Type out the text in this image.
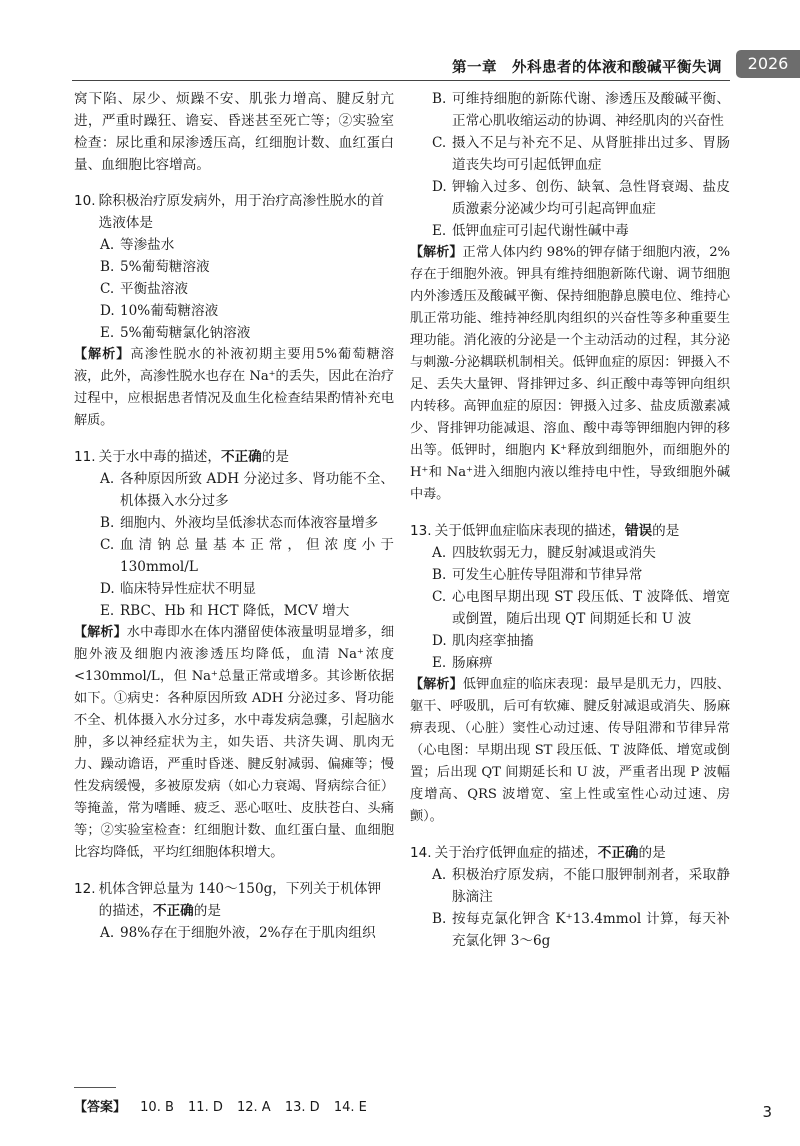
第一章　外科患者的体液和酸碱平衡失调	2026

窝下陷、尿少、烦躁不安、肌张力增高、腱反射亢进，严重时躁狂、谵妄、昏迷甚至死亡等；②实验室检查：尿比重和尿渗透压高，红细胞计数、血红蛋白量、血细胞比容增高。

10. 除积极治疗原发病外，用于治疗高渗性脱水的首选液体是
A. 等渗盐水
B. 5%葡萄糖溶液
C. 平衡盐溶液
D. 10%葡萄糖溶液
E. 5%葡萄糖氯化钠溶液

【解析】高渗性脱水的补液初期主要用5%葡萄糖溶液，此外，高渗性脱水也存在 Na⁺的丢失，因此在治疗过程中，应根据患者情况及血生化检查结果酌情补充电解质。

11. 关于水中毒的描述，不正确的是
A. 各种原因所致 ADH 分泌过多、肾功能不全、机体摄入水分过多
B. 细胞内、外液均呈低渗状态而体液容量增多
C. 血清钠总量基本正常，但浓度小于130mmol/L
D. 临床特异性症状不明显
E. RBC、Hb 和 HCT 降低，MCV 增大

【解析】水中毒即水在体内潴留使体液量明显增多，细胞外液及细胞内液渗透压均降低，血清 Na⁺浓度<130mmol/L，但 Na⁺总量正常或增多。其诊断依据如下。①病史：各种原因所致 ADH 分泌过多、肾功能不全、机体摄入水分过多，水中毒发病急骤，引起脑水肿，多以神经症状为主，如失语、共济失调、肌肉无力、躁动谵语，严重时昏迷、腱反射减弱、偏瘫等；慢性发病缓慢，多被原发病（如心力衰竭、肾病综合征）等掩盖，常为嗜睡、疲乏、恶心呕吐、皮肤苍白、头痛等；②实验室检查：红细胞计数、血红蛋白量、血细胞比容均降低，平均红细胞体积增大。

12. 机体含钾总量为 140～150g，下列关于机体钾的描述，不正确的是
A. 98%存在于细胞外液，2%存在于肌肉组织
B. 可维持细胞的新陈代谢、渗透压及酸碱平衡、正常心肌收缩运动的协调、神经肌肉的兴奋性
C. 摄入不足与补充不足、从肾脏排出过多、胃肠道丧失均可引起低钾血症
D. 钾输入过多、创伤、缺氧、急性肾衰竭、盐皮质激素分泌减少均可引起高钾血症
E. 低钾血症可引起代谢性碱中毒

【解析】正常人体内约 98%的钾存储于细胞内液，2%存在于细胞外液。钾具有维持细胞新陈代谢、调节细胞内外渗透压及酸碱平衡、保持细胞静息膜电位、维持心肌正常功能、维持神经肌肉组织的兴奋性等多种重要生理功能。消化液的分泌是一个主动活动的过程，其分泌与刺激-分泌耦联机制相关。低钾血症的原因：钾摄入不足、丢失大量钾、肾排钾过多、纠正酸中毒等钾向组织内转移。高钾血症的原因：钾摄入过多、盐皮质激素减少、肾排钾功能减退、溶血、酸中毒等钾细胞内钾的移出等。低钾时，细胞内 K⁺释放到细胞外，而细胞外的 H⁺和 Na⁺进入细胞内液以维持电中性，导致细胞外碱中毒。

13. 关于低钾血症临床表现的描述，错误的是
A. 四肢软弱无力，腱反射减退或消失
B. 可发生心脏传导阻滞和节律异常
C. 心电图早期出现 ST 段压低、T 波降低、增宽或倒置，随后出现 QT 间期延长和 U 波
D. 肌肉痉挛抽搐
E. 肠麻痹

【解析】低钾血症的临床表现：最早是肌无力，四肢、躯干、呼吸肌，后可有软瘫、腱反射减退或消失、肠麻痹表现、（心脏）窦性心动过速、传导阻滞和节律异常（心电图：早期出现 ST 段压低、T 波降低、增宽或倒置；后出现 QT 间期延长和 U 波，严重者出现 P 波幅度增高、QRS 波增宽、室上性或室性心动过速、房颤）。

14. 关于治疗低钾血症的描述，不正确的是
A. 积极治疗原发病，不能口服钾制剂者，采取静脉滴注
B. 按每克氯化钾含 K⁺13.4mmol 计算，每天补充氯化钾 3～6g
【答案】 10. B 11. D 12. A 13. D 14. E	3
